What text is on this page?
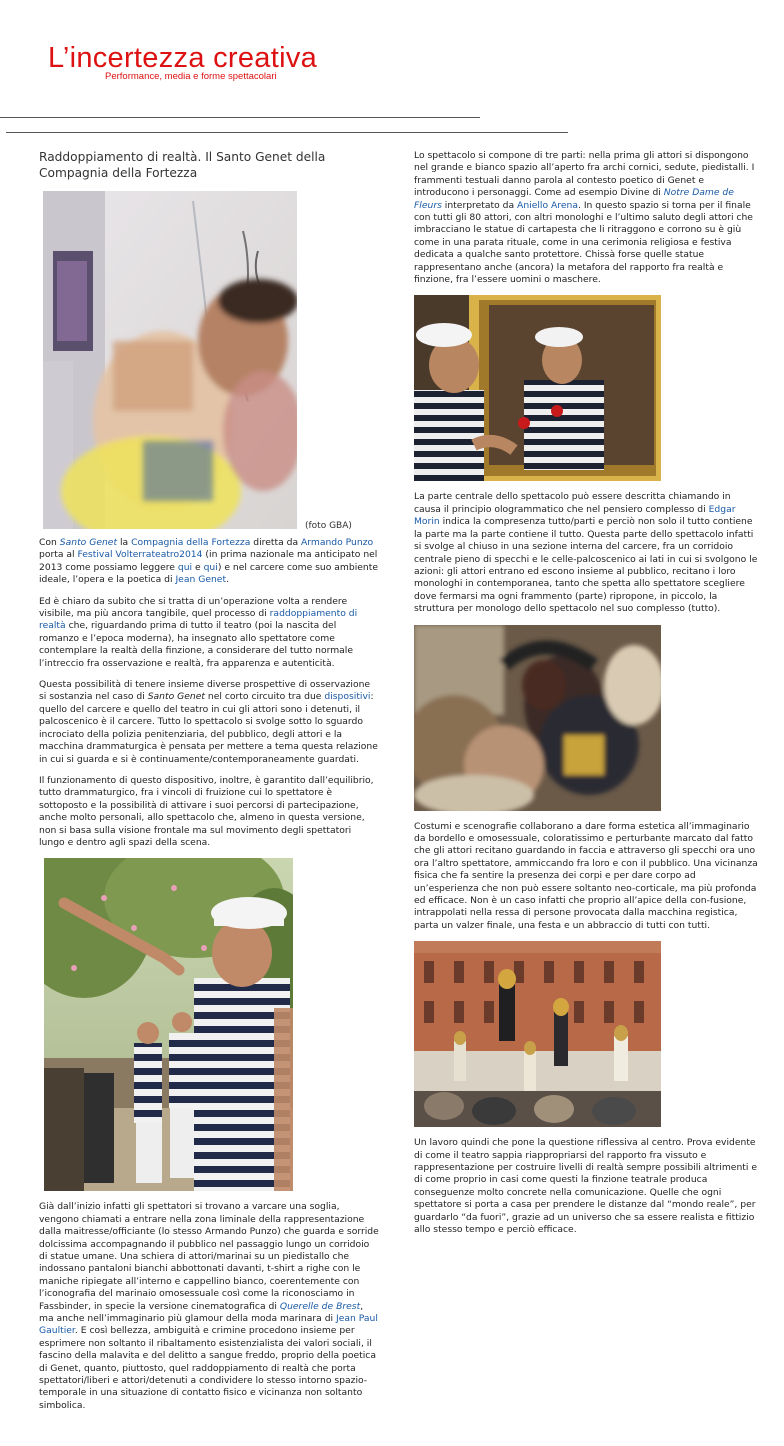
L’incertezza creativa
Performance, media e forme spettacolari
Raddoppiamento di realtà. Il Santo Genet della Compagnia della Fortezza
(foto GBA)

Con Santo Genet la Compagnia della Fortezza diretta da Armando Punzo porta al Festival Volterrateatro2014 (in prima nazionale ma anticipato nel 2013 come possiamo leggere qui e qui) e nel carcere come suo ambiente ideale, l’opera e la poetica di Jean Genet.

Ed è chiaro da subito che si tratta di un’operazione volta a rendere visibile, ma più ancora tangibile, quel processo di raddoppiamento di realtà che, riguardando prima di tutto il teatro (poi la nascita del romanzo e l’epoca moderna), ha insegnato allo spettatore come contemplare la realtà della finzione, a considerare del tutto normale l’intreccio fra osservazione e realtà, fra apparenza e autenticità.

Questa possibilità di tenere insieme diverse prospettive di osservazione si sostanzia nel caso di Santo Genet nel corto circuito tra due dispositivi: quello del carcere e quello del teatro in cui gli attori sono i detenuti, il palcoscenico è il carcere. Tutto lo spettacolo si svolge sotto lo sguardo incrociato della polizia penitenziaria, del pubblico, degli attori e la macchina drammaturgica è pensata per mettere a tema questa relazione in cui si guarda e si è continuamente/contemporaneamente guardati.

Il funzionamento di questo dispositivo, inoltre, è garantito dall’equilibrio, tutto drammaturgico, fra i vincoli di fruizione cui lo spettatore è sottoposto e la possibilità di attivare i suoi percorsi di partecipazione, anche molto personali, allo spettacolo che, almeno in questa versione, non si basa sulla visione frontale ma sul movimento degli spettatori lungo e dentro agli spazi della scena.

Già dall’inizio infatti gli spettatori si trovano a varcare una soglia, vengono chiamati a entrare nella zona liminale della rappresentazione dalla maitresse/officiante (lo stesso Armando Punzo) che guarda e sorride dolcissima accompagnando il pubblico nel passaggio lungo un corridoio di statue umane. Una schiera di attori/marinai su un piedistallo che indossano pantaloni bianchi abbottonati davanti, t-shirt a righe con le maniche ripiegate all’interno e cappellino bianco, coerentemente con l’iconografia del marinaio omosessuale così come la riconosciamo in Fassbinder, in specie la versione cinematografica di Querelle de Brest, ma anche nell’immaginario più glamour della moda marinara di Jean Paul Gaultier. E così bellezza, ambiguità e crimine procedono insieme per esprimere non soltanto il ribaltamento esistenzialista dei valori sociali, il fascino della malavita e del delitto a sangue freddo, proprio della poetica di Genet, quanto, piuttosto, quel raddoppiamento di realtà che porta spettatori/liberi e attori/detenuti a condividere lo stesso intorno spazio-temporale in una situazione di contatto fisico e vicinanza non soltanto simbolica.

Lo spettacolo si compone di tre parti: nella prima gli attori si dispongono nel grande e bianco spazio all’aperto fra archi cornici, sedute, piedistalli. I frammenti testuali danno parola al contesto poetico di Genet e introducono i personaggi. Come ad esempio Divine di Notre Dame de Fleurs interpretato da Aniello Arena. In questo spazio si torna per il finale con tutti gli 80 attori, con altri monologhi e l’ultimo saluto degli attori che imbracciano le statue di cartapesta che li ritraggono e corrono su è giù come in una parata rituale, come in una cerimonia religiosa e festiva dedicata a qualche santo protettore. Chissà forse quelle statue rappresentano anche (ancora) la metafora del rapporto fra realtà e finzione, fra l’essere uomini o maschere.

La parte centrale dello spettacolo può essere descritta chiamando in causa il principio ologrammatico che nel pensiero complesso di Edgar Morin indica la compresenza tutto/parti e perciò non solo il tutto contiene la parte ma la parte contiene il tutto. Questa parte dello spettacolo infatti si svolge al chiuso in una sezione interna del carcere, fra un corridoio centrale pieno di specchi e le celle-palcoscenico ai lati in cui si svolgono le azioni: gli attori entrano ed escono insieme al pubblico, recitano i loro monologhi in contemporanea, tanto che spetta allo spettatore scegliere dove fermarsi ma ogni frammento (parte) ripropone, in piccolo, la struttura per monologo dello spettacolo nel suo complesso (tutto).

Costumi e scenografie collaborano a dare forma estetica all’immaginario da bordello e omosessuale, coloratissimo e perturbante marcato dal fatto che gli attori recitano guardando in faccia e attraverso gli specchi ora uno ora l’altro spettatore, ammiccando fra loro e con il pubblico. Una vicinanza fisica che fa sentire la presenza dei corpi e per dare corpo ad un’esperienza che non può essere soltanto neo-corticale, ma più profonda ed efficace. Non è un caso infatti che proprio all’apice della con-fusione, intrappolati nella ressa di persone provocata dalla macchina registica, parta un valzer finale, una festa e un abbraccio di tutti con tutti.

Un lavoro quindi che pone la questione riflessiva al centro. Prova evidente di come il teatro sappia riappropriarsi del rapporto fra vissuto e rappresentazione per costruire livelli di realtà sempre possibili altrimenti e di come proprio in casi come questi la finzione teatrale produca conseguenze molto concrete nella comunicazione. Quelle che ogni spettatore si porta a casa per prendere le distanze dal “mondo reale”, per guardarlo “da fuori”, grazie ad un universo che sa essere realista e fittizio allo stesso tempo e perciò efficace.
